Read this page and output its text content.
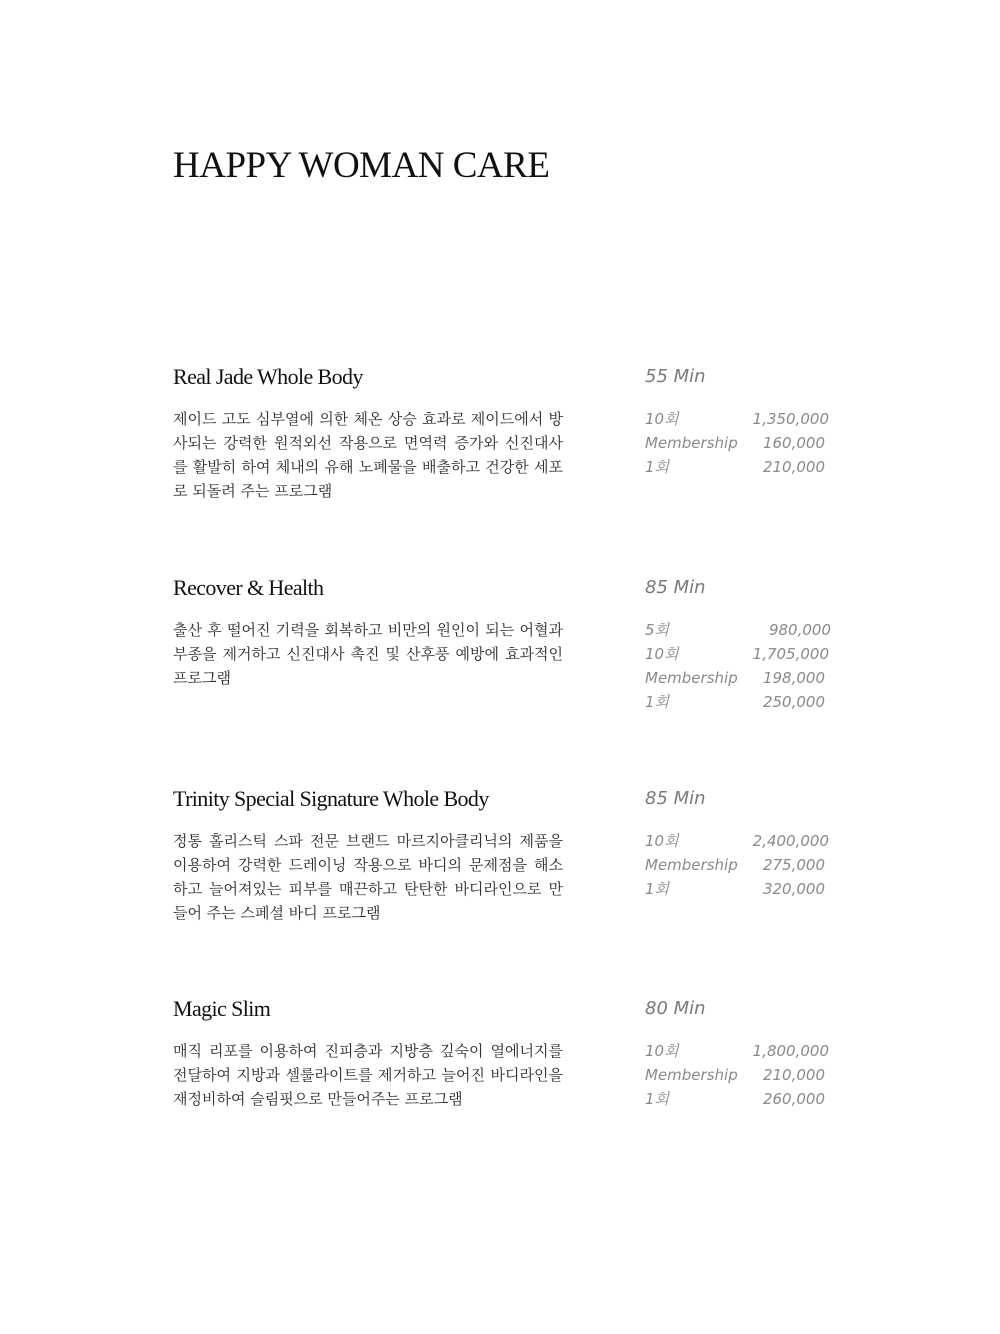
HAPPY WOMAN CARE
Real Jade Whole Body	55 Min

제이드 고도 심부열에 의한 체온 상승 효과로 제이드에서 방사되는 강력한 원적외선 작용으로 면역력 증가와 신진대사를 활발히 하여 체내의 유해 노폐물을 배출하고 건강한 세포로 되돌려 주는 프로그램

10회	1,350,000
Membership 160,000
1회	210,000
Recover & Health	85 Min

출산 후 떨어진 기력을 회복하고 비만의 원인이 되는 어혈과 부종을 제거하고 신진대사 촉진 및 산후풍 예방에 효과적인 프로그램

5회	980,000
10회	1,705,000
Membership 198,000
1회	250,000
Trinity Special Signature Whole Body	85 Min

정통 홀리스틱 스파 전문 브랜드 마르지아클리닉의 제품을 이용하여 강력한 드레이닝 작용으로 바디의 문제점을 해소하고 늘어져있는 피부를 매끈하고 탄탄한 바디라인으로 만들어 주는 스페셜 바디 프로그램

10회	2,400,000
Membership 275,000
1회	320,000
Magic Slim	80 Min

매직 리포를 이용하여 진피층과 지방층 깊숙이 열에너지를 전달하여 지방과 셀룰라이트를 제거하고 늘어진 바디라인을 재정비하여 슬림핏으로 만들어주는 프로그램

10회	1,800,000
Membership 210,000
1회	260,000
